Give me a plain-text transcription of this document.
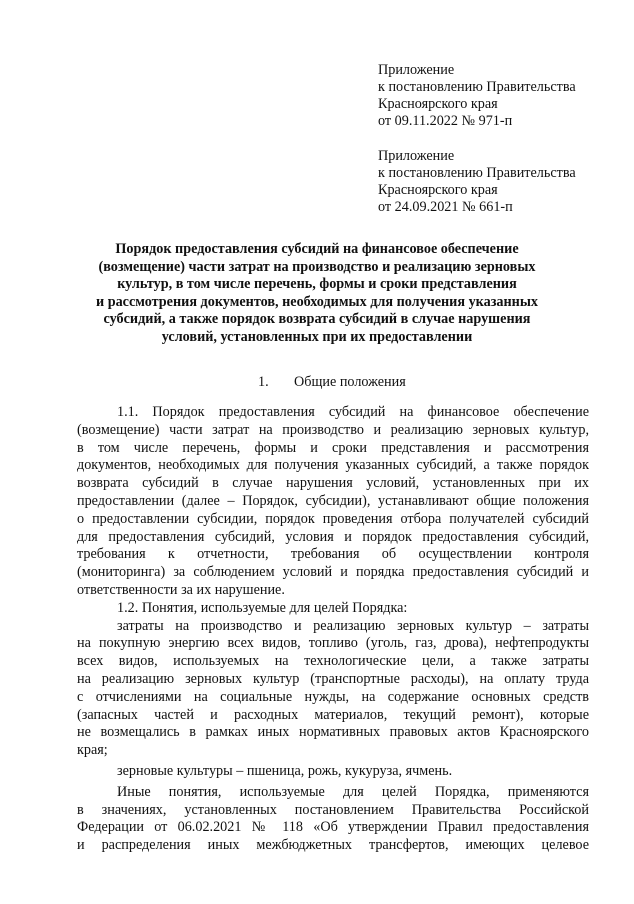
Приложение
к постановлению Правительства
Красноярского края
от 09.11.2022 № 971-п
Приложение
к постановлению Правительства
Красноярского края
от 24.09.2021 № 661-п
Порядок предоставления субсидий на финансовое обеспечение
(возмещение) части затрат на производство и реализацию зерновых
культур, в том числе перечень, формы и сроки представления
и рассмотрения документов, необходимых для получения указанных
субсидий, а также порядок возврата субсидий в случае нарушения
условий, установленных при их предоставлении
1. Общие положения
1.1. Порядок предоставления субсидий на финансовое обеспечение
(возмещение) части затрат на производство и реализацию зерновых культур,
в том числе перечень, формы и сроки представления и рассмотрения
документов, необходимых для получения указанных субсидий, а также порядок
возврата субсидий в случае нарушения условий, установленных при их
предоставлении (далее – Порядок, субсидии), устанавливают общие положения
о предоставлении субсидии, порядок проведения отбора получателей субсидий
для предоставления субсидий, условия и порядок предоставления субсидий,
требования к отчетности, требования об осуществлении контроля
(мониторинга) за соблюдением условий и порядка предоставления субсидий и
ответственности за их нарушение.
1.2. Понятия, используемые для целей Порядка:
затраты на производство и реализацию зерновых культур – затраты
на покупную энергию всех видов, топливо (уголь, газ, дрова), нефтепродукты
всех видов, используемых на технологические цели, а также затраты
на реализацию зерновых культур (транспортные расходы), на оплату труда
с отчислениями на социальные нужды, на содержание основных средств
(запасных частей и расходных материалов, текущий ремонт), которые
не возмещались в рамках иных нормативных правовых актов Красноярского
края;
зерновые культуры – пшеница, рожь, кукуруза, ячмень.
Иные понятия, используемые для целей Порядка, применяются
в значениях, установленных постановлением Правительства Российской
Федерации от 06.02.2021 № 118 «Об утверждении Правил предоставления
и распределения иных межбюджетных трансфертов, имеющих целевое
